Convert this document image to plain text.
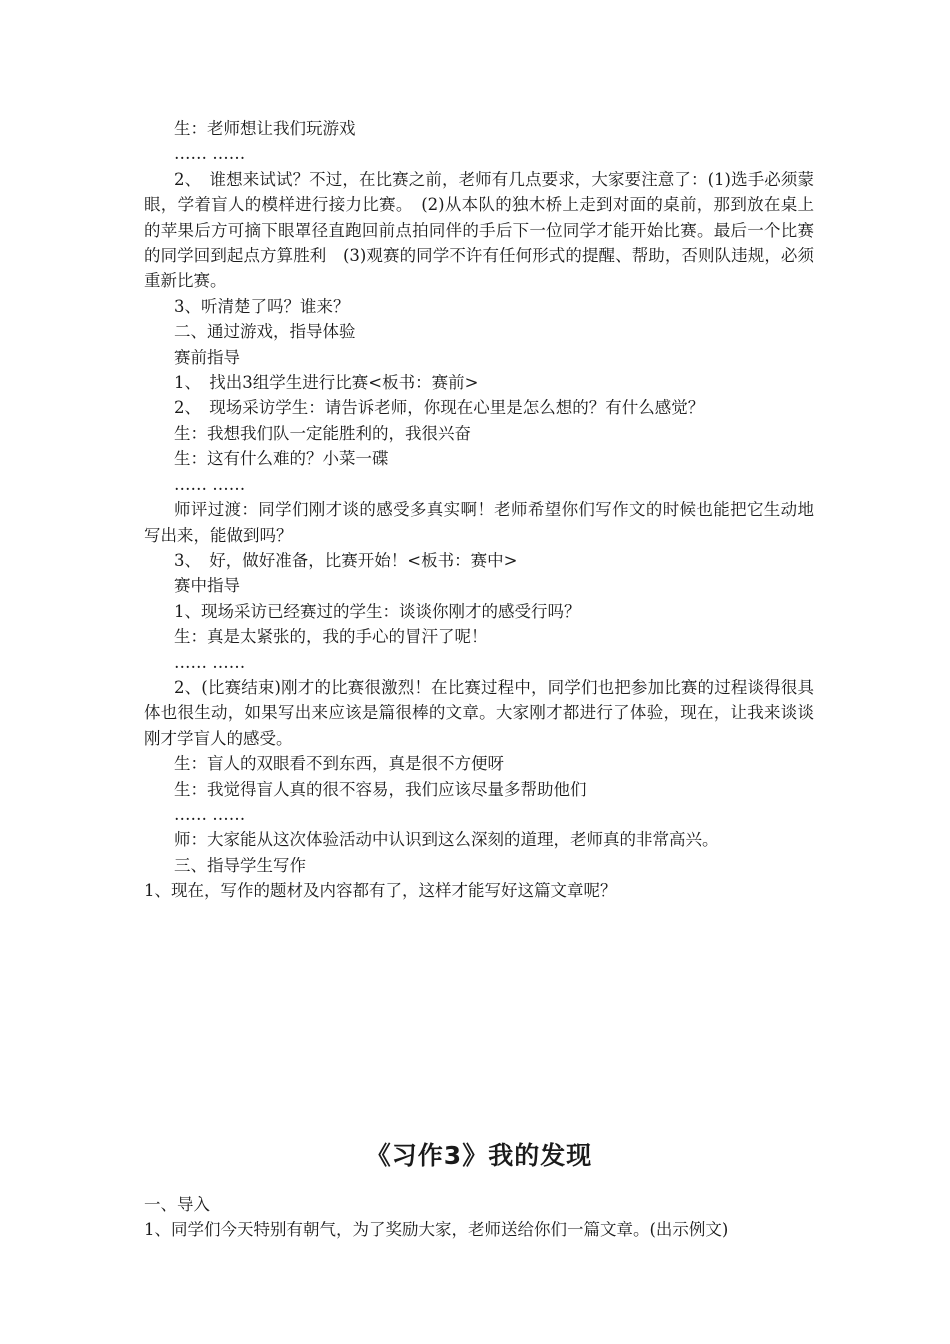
生：老师想让我们玩游戏

…… ……

2、　谁想来试试？不过，在比赛之前，老师有几点要求，大家要注意了：(1)选手必须蒙眼，学着盲人的模样进行接力比赛。　(2)从本队的独木桥上走到对面的桌前，那到放在桌上的苹果后方可摘下眼罩径直跑回前点拍同伴的手后下一位同学才能开始比赛。最后一个比赛的同学回到起点方算胜利　(3)观赛的同学不许有任何形式的提醒、帮助，否则队违规，必须重新比赛。

3、听清楚了吗？谁来？

二、通过游戏，指导体验

赛前指导

1、　找出3组学生进行比赛<板书：赛前>

2、　现场采访学生：请告诉老师，你现在心里是怎么想的？有什么感觉？

生：我想我们队一定能胜利的，我很兴奋

生：这有什么难的？小菜一碟

…… ……

师评过渡：同学们刚才谈的感受多真实啊！老师希望你们写作文的时候也能把它生动地写出来，能做到吗？

3、　好，做好准备，比赛开始！<板书：赛中>

赛中指导

1、现场采访已经赛过的学生：谈谈你刚才的感受行吗？

生：真是太紧张的，我的手心的冒汗了呢！

…… ……

2、(比赛结束)刚才的比赛很激烈！在比赛过程中，同学们也把参加比赛的过程谈得很具体也很生动，如果写出来应该是篇很棒的文章。大家刚才都进行了体验，现在，让我来谈谈刚才学盲人的感受。

生：盲人的双眼看不到东西，真是很不方便呀

生：我觉得盲人真的很不容易，我们应该尽量多帮助他们

…… ……

师：大家能从这次体验活动中认识到这么深刻的道理，老师真的非常高兴。

三、指导学生写作

1、现在，写作的题材及内容都有了，这样才能写好这篇文章呢？

《习作3》我的发现

一、导入

1、同学们今天特别有朝气，为了奖励大家，老师送给你们一篇文章。(出示例文)
